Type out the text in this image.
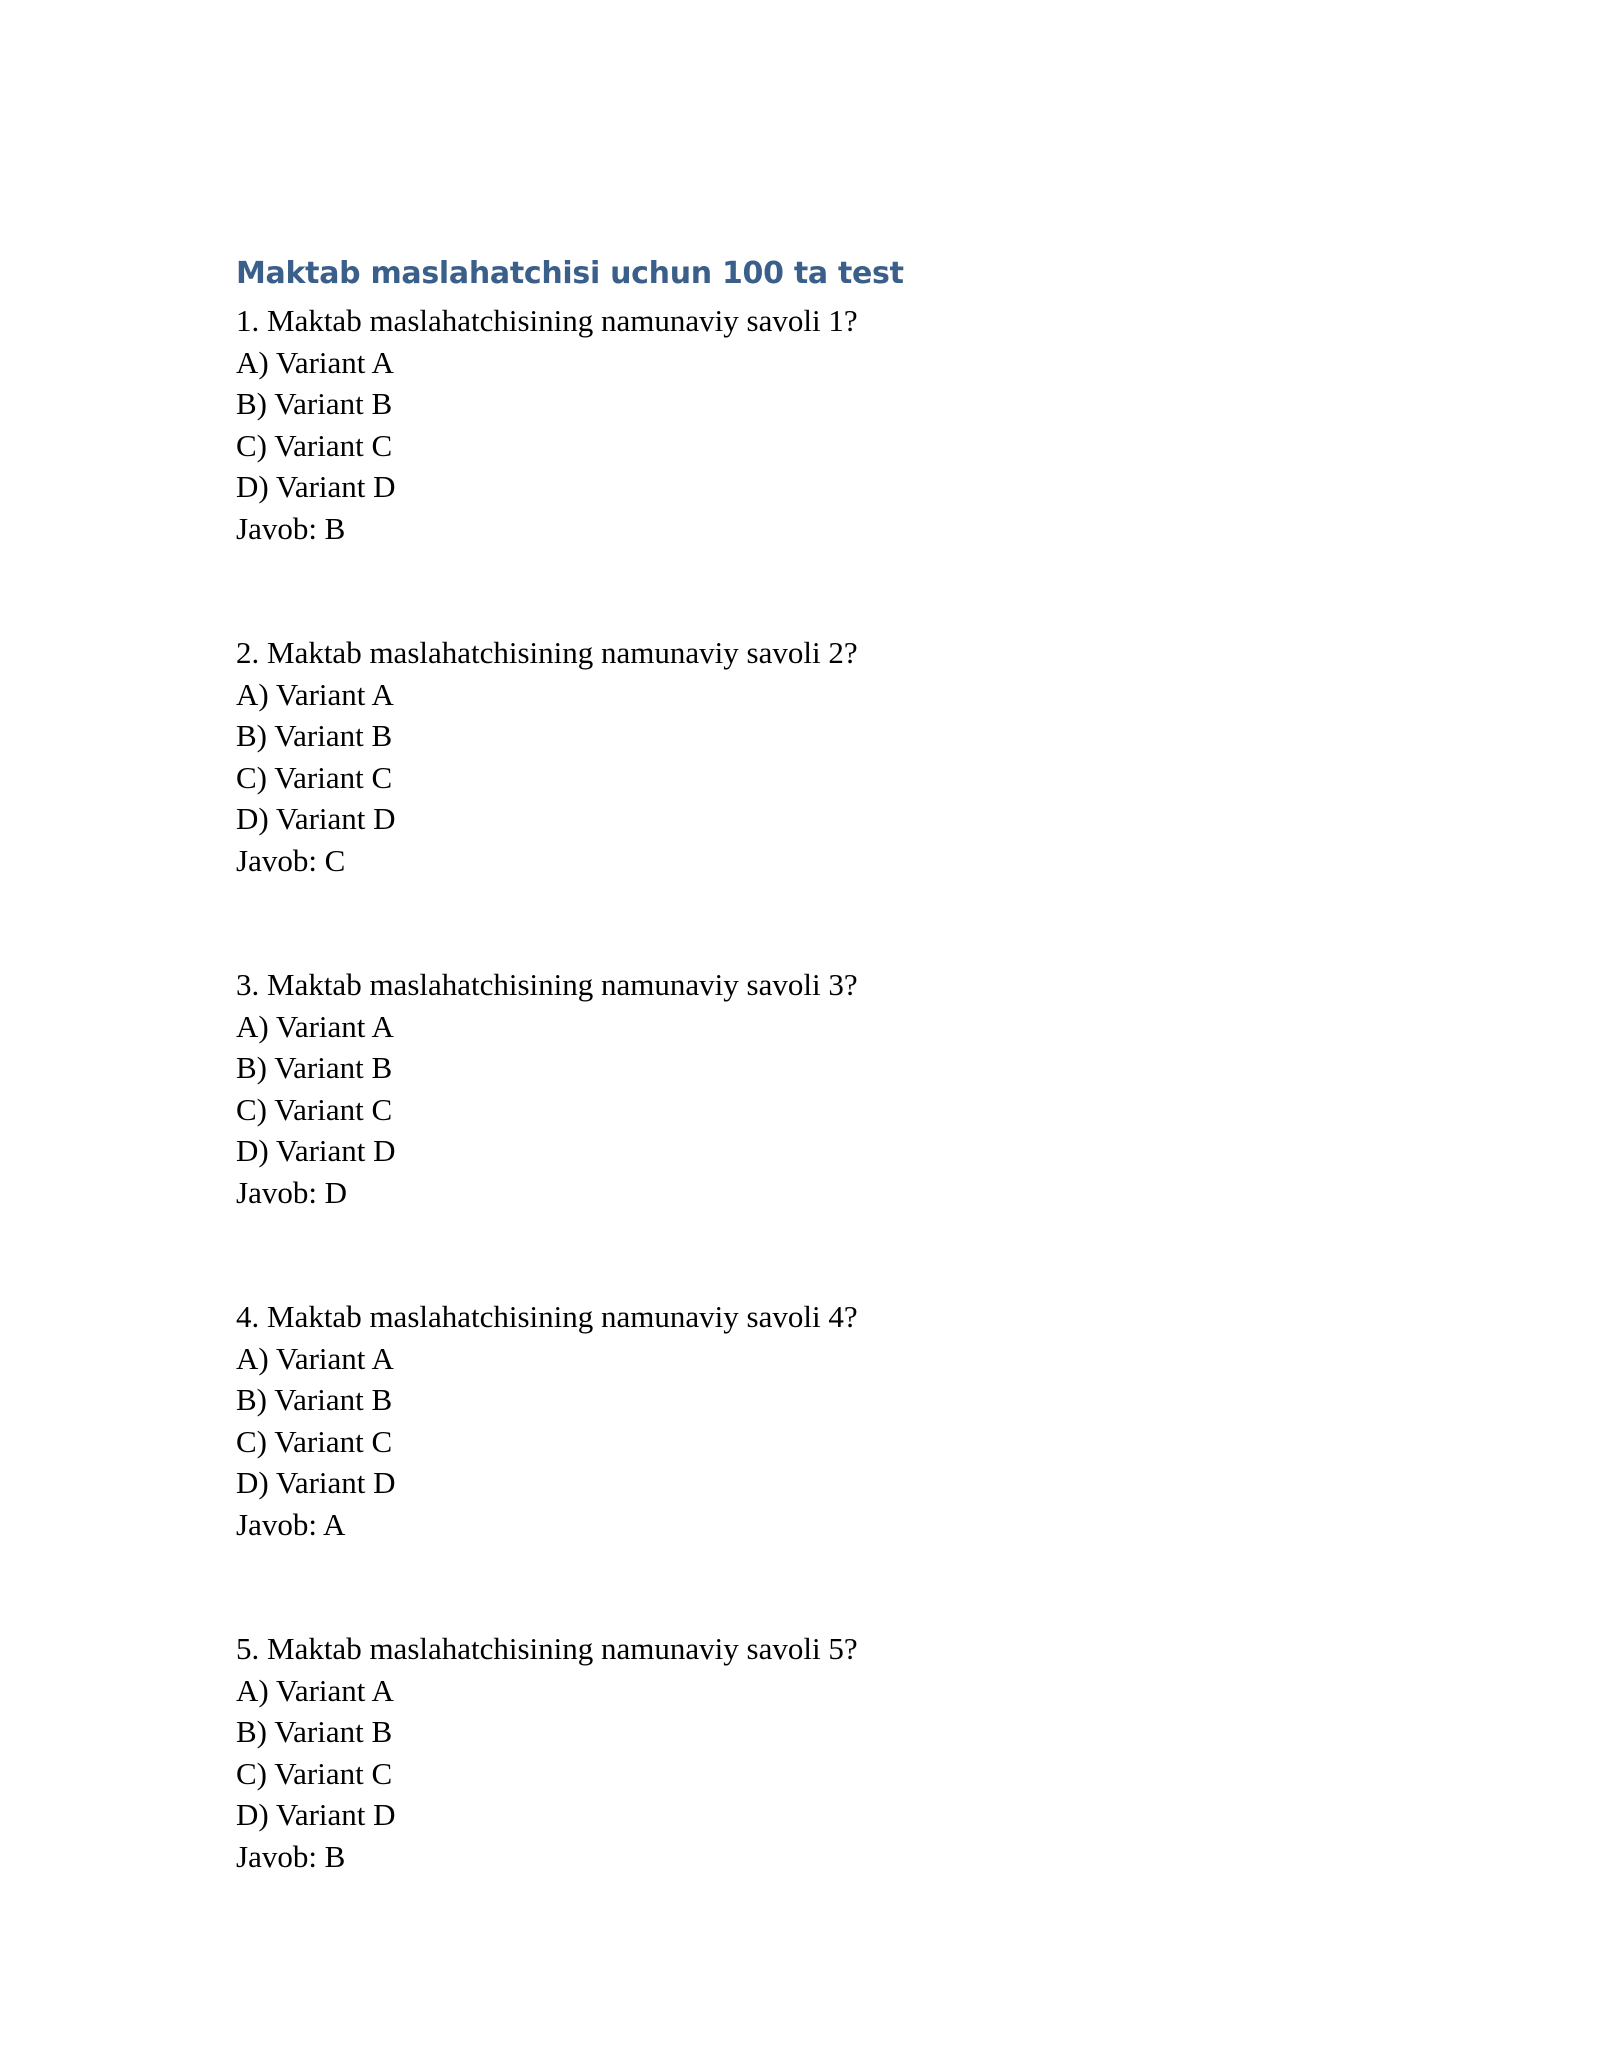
Maktab maslahatchisi uchun 100 ta test
1. Maktab maslahatchisining namunaviy savoli 1?
A) Variant A
B) Variant B
C) Variant C
D) Variant D
Javob: B
2. Maktab maslahatchisining namunaviy savoli 2?
A) Variant A
B) Variant B
C) Variant C
D) Variant D
Javob: C
3. Maktab maslahatchisining namunaviy savoli 3?
A) Variant A
B) Variant B
C) Variant C
D) Variant D
Javob: D
4. Maktab maslahatchisining namunaviy savoli 4?
A) Variant A
B) Variant B
C) Variant C
D) Variant D
Javob: A
5. Maktab maslahatchisining namunaviy savoli 5?
A) Variant A
B) Variant B
C) Variant C
D) Variant D
Javob: B
